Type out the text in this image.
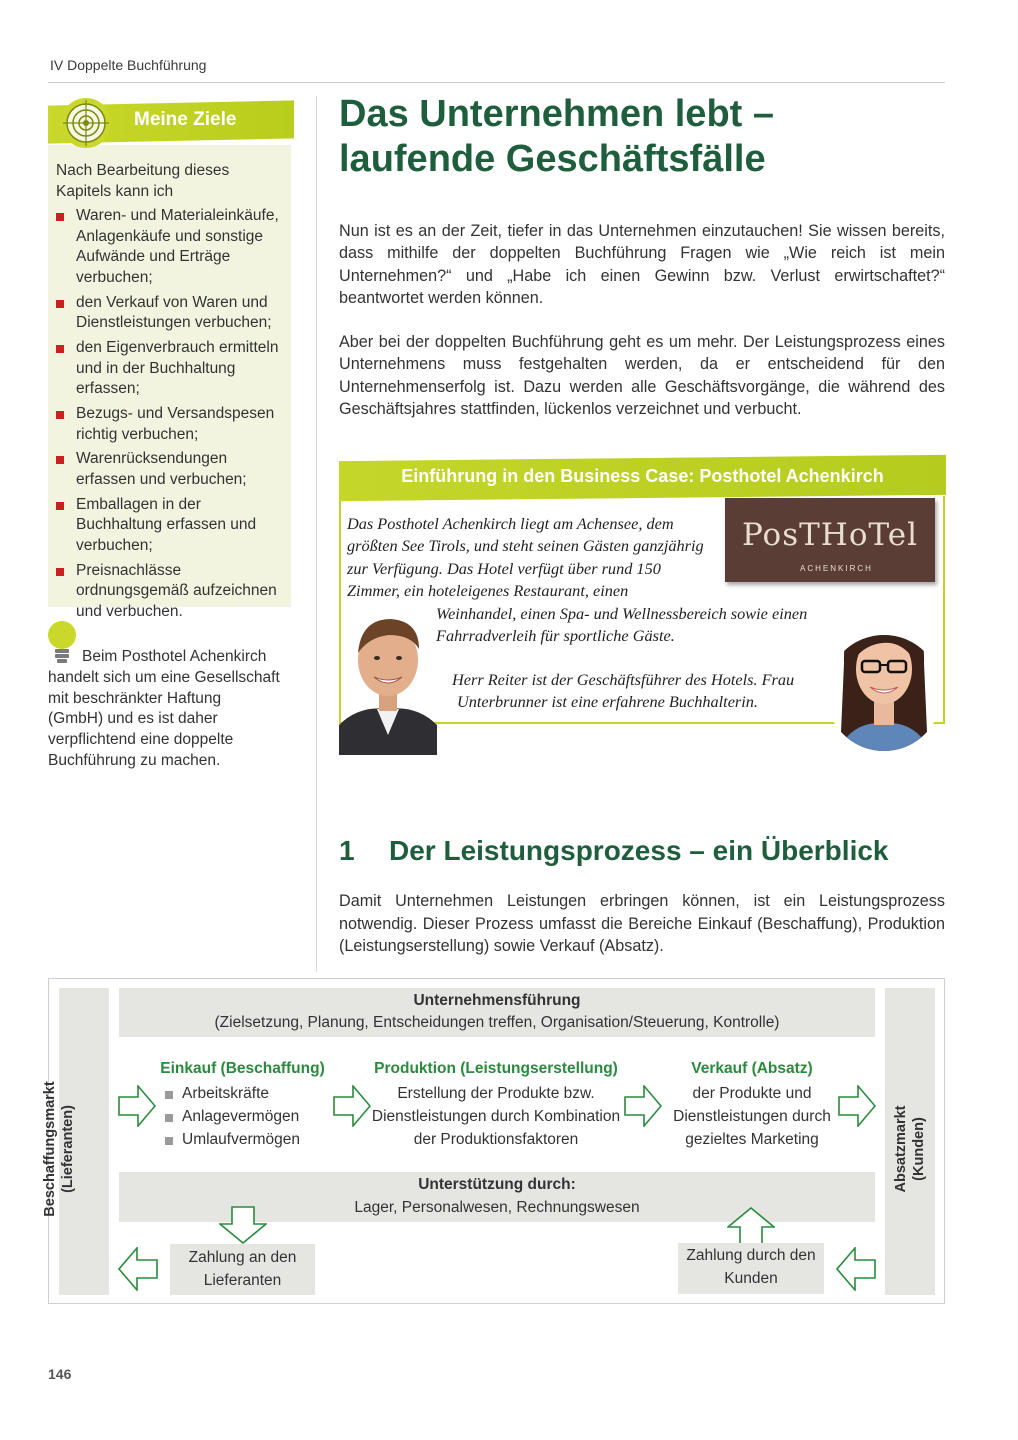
IV Doppelte Buchführung
Meine Ziele
Nach Bearbeitung dieses Kapitels kann ich
Waren- und Materialeinkäufe, Anlagenkäufe und sonstige Aufwände und Erträge verbuchen;
den Verkauf von Waren und Dienstleistungen verbuchen;
den Eigenverbrauch ermitteln und in der Buchhaltung erfassen;
Bezugs- und Versandspesen richtig verbuchen;
Warenrücksendungen erfassen und verbuchen;
Emballagen in der Buchhaltung erfassen und verbuchen;
Preisnachlässe ordnungsgemäß aufzeichnen und verbuchen.
Beim Posthotel Achenkirch handelt sich um eine Gesellschaft mit beschränkter Haftung (GmbH) und es ist daher verpflichtend eine doppelte Buchführung zu machen.
Das Unternehmen lebt – laufende Geschäftsfälle
Nun ist es an der Zeit, tiefer in das Unternehmen einzutauchen! Sie wissen bereits, dass mithilfe der doppelten Buchführung Fragen wie „Wie reich ist mein Unternehmen?“ und „Habe ich einen Gewinn bzw. Verlust erwirtschaftet?“ beantwortet werden können.
Aber bei der doppelten Buchführung geht es um mehr. Der Leistungsprozess eines Unternehmens muss festgehalten werden, da er entscheidend für den Unternehmenserfolg ist. Dazu werden alle Geschäftsvorgänge, die während des Geschäftsjahres stattfinden, lückenlos verzeichnet und verbucht.
Einführung in den Business Case: Posthotel Achenkirch
Das Posthotel Achenkirch liegt am Achensee, dem größten See Tirols, und steht seinen Gästen ganzjährig zur Verfügung. Das Hotel verfügt über rund 150 Zimmer, ein hoteleigenes Restaurant, einen
Weinhandel, einen Spa- und Wellnessbereich sowie einen Fahrradverleih für sportliche Gäste.
Herr Reiter ist der Geschäftsführer des Hotels. Frau
Unterbrunner ist eine erfahrene Buchhalterin.
PosTHoTel
ACHENKIRCH
1 Der Leistungsprozess – ein Überblick
Damit Unternehmen Leistungen erbringen können, ist ein Leistungsprozess notwendig. Dieser Prozess umfasst die Bereiche Einkauf (Beschaffung), Produktion (Leistungserstellung) sowie Verkauf (Absatz).
Beschaffungsmarkt (Lieferanten)	Absatzmarkt (Kunden)
Unternehmensführung
(Zielsetzung, Planung, Entscheidungen treffen, Organisation/Steuerung, Kontrolle)
Einkauf (Beschaffung)
Arbeitskräfte
Anlagevermögen
Umlaufvermögen
Produktion (Leistungserstellung)
Erstellung der Produkte bzw. Dienstleistungen durch Kombination der Produktionsfaktoren
Verkauf (Absatz)
der Produkte und Dienstleistungen durch gezieltes Marketing
Unterstützung durch:
Lager, Personalwesen, Rechnungswesen
Zahlung an den Lieferanten
Zahlung durch den Kunden
146
